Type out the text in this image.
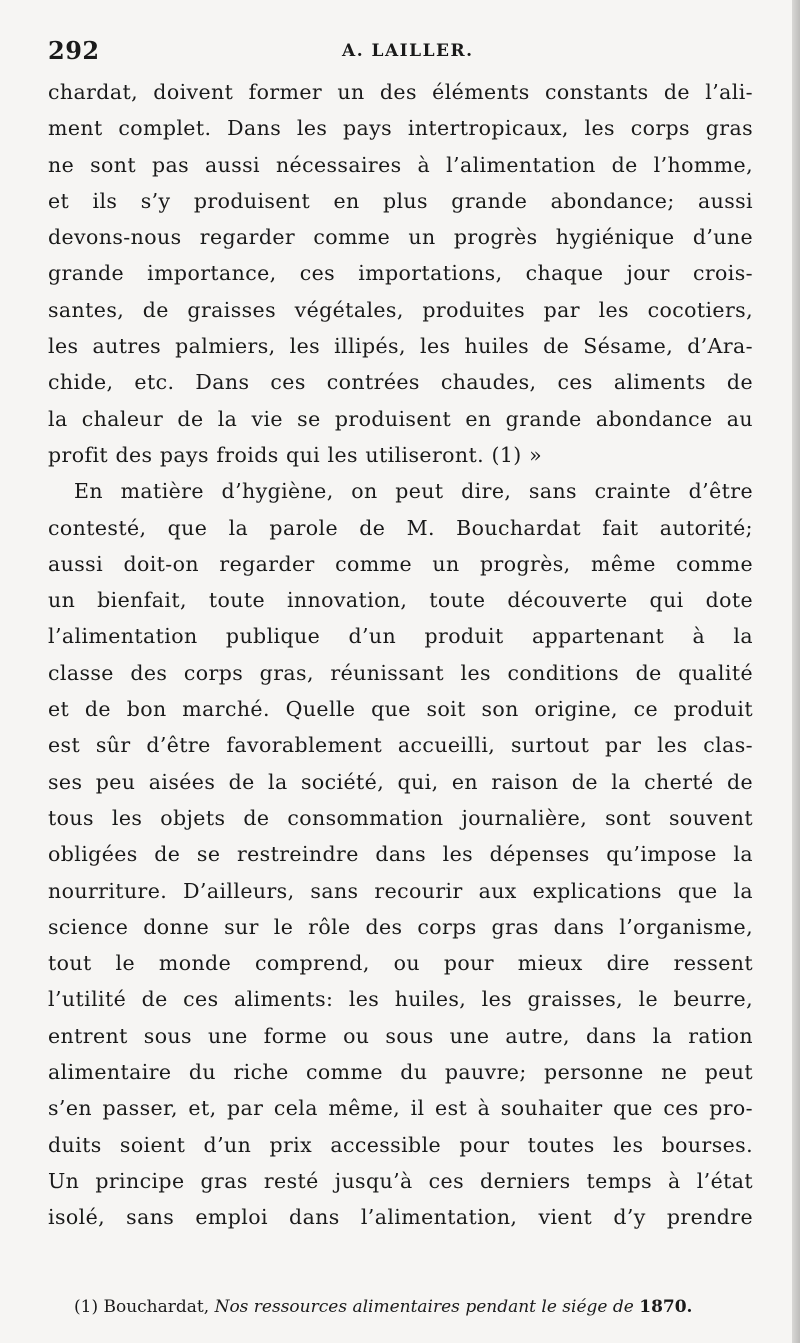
292	A. LAILLER.
chardat, doivent former un des éléments constants de l’ali-
ment complet. Dans les pays intertropicaux, les corps gras
ne sont pas aussi nécessaires à l’alimentation de l’homme,
et ils s’y produisent en plus grande abondance; aussi
devons-nous regarder comme un progrès hygiénique d’une
grande importance, ces importations, chaque jour crois-
santes, de graisses végétales, produites par les cocotiers,
les autres palmiers, les illipés, les huiles de Sésame, d’Ara-
chide, etc. Dans ces contrées chaudes, ces aliments de
la chaleur de la vie se produisent en grande abondance au
profit des pays froids qui les utiliseront. (1) »
En matière d’hygiène, on peut dire, sans crainte d’être
contesté, que la parole de M. Bouchardat fait autorité;
aussi doit-on regarder comme un progrès, même comme
un bienfait, toute innovation, toute découverte qui dote
l’alimentation publique d’un produit appartenant à la
classe des corps gras, réunissant les conditions de qualité
et de bon marché. Quelle que soit son origine, ce produit
est sûr d’être favorablement accueilli, surtout par les clas-
ses peu aisées de la société, qui, en raison de la cherté de
tous les objets de consommation journalière, sont souvent
obligées de se restreindre dans les dépenses qu’impose la
nourriture. D’ailleurs, sans recourir aux explications que la
science donne sur le rôle des corps gras dans l’organisme,
tout le monde comprend, ou pour mieux dire ressent
l’utilité de ces aliments: les huiles, les graisses, le beurre,
entrent sous une forme ou sous une autre, dans la ration
alimentaire du riche comme du pauvre; personne ne peut
s’en passer, et, par cela même, il est à souhaiter que ces pro-
duits soient d’un prix accessible pour toutes les bourses.
Un principe gras resté jusqu’à ces derniers temps à l’état
isolé, sans emploi dans l’alimentation, vient d’y prendre
(1) Bouchardat, Nos ressources alimentaires pendant le siége de 1870.
